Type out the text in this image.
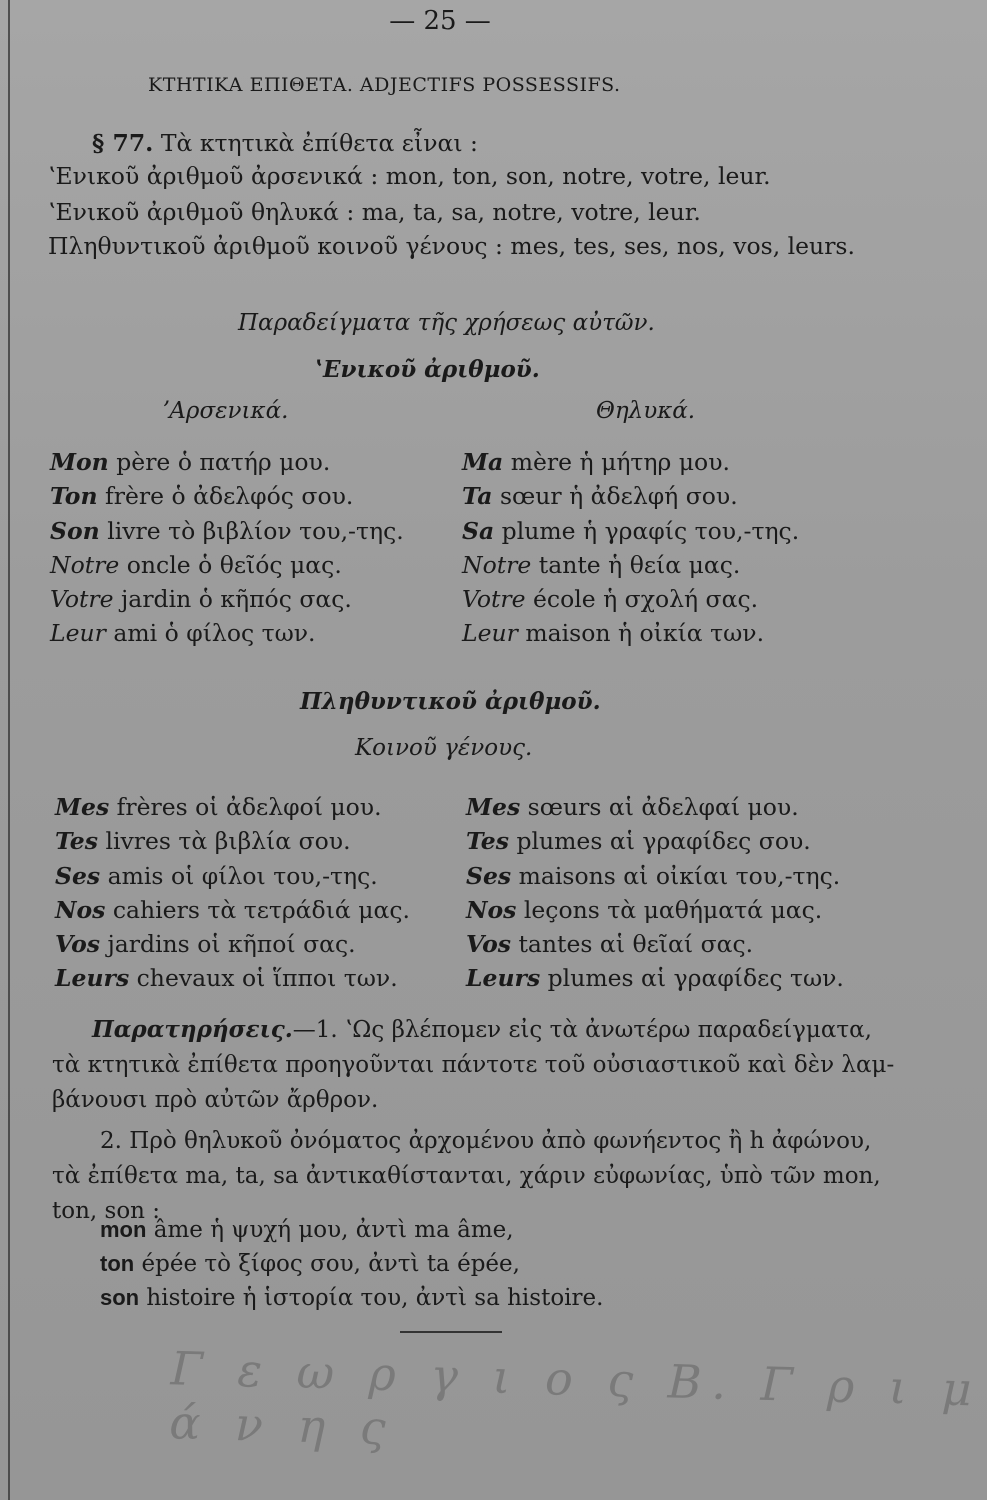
— 25 —
ΚΤΗΤΙΚΑ ΕΠΙΘΕΤΑ. ADJECTIFS POSSESSIFS.
§ 77. Τὰ κτητικὰ ἐπίθετα εἶναι :
ʽΕνικοῦ ἀριθμοῦ ἀρσενικά : mon, ton, son, notre, votre, leur.
ʽΕνικοῦ ἀριθμοῦ θηλυκά : ma, ta, sa, notre, votre, leur.
Πληθυντικοῦ ἀριθμοῦ κοινοῦ γένους : mes, tes, ses, nos, vos, leurs.
Παραδείγματα τῆς χρήσεως αὐτῶν.
ʽΕνικοῦ ἀριθμοῦ.
ʼΑρσενικά.	Θηλυκά.
Mon père ὁ πατήρ μου.
Ton frère ὁ ἀδελφός σου.
Son livre τὸ βιβλίον του,-της.
Notre oncle ὁ θεῖός μας.
Votre jardin ὁ κῆπός σας.
Leur ami ὁ φίλος των.
Ma mère ἡ μήτηρ μου.
Ta sœur ἡ ἀδελφή σου.
Sa plume ἡ γραφίς του,-της.
Notre tante ἡ θεία μας.
Votre école ἡ σχολή σας.
Leur maison ἡ οἰκία των.
Πληθυντικοῦ ἀριθμοῦ.
Κοινοῦ γένους.
Mes frères οἱ ἀδελφοί μου.
Tes livres τὰ βιβλία σου.
Ses amis οἱ φίλοι του,-της.
Nos cahiers τὰ τετράδιά μας.
Vos jardins οἱ κῆποί σας.
Leurs chevaux οἱ ἵπποι των.
Mes sœurs αἱ ἀδελφαί μου.
Tes plumes αἱ γραφίδες σου.
Ses maisons αἱ οἰκίαι του,-της.
Nos leçons τὰ μαθήματά μας.
Vos tantes αἱ θεῖαί σας.
Leurs plumes αἱ γραφίδες των.

Παρατηρήσεις.—1. ʽΩς βλέπομεν εἰς τὰ ἀνωτέρω παραδείγματα,

τὰ κτητικὰ ἐπίθετα προηγοῦνται πάντοτε τοῦ οὐσιαστικοῦ καὶ δὲν λαμ-

βάνουσι πρὸ αὐτῶν ἄρθρον.

2. Πρὸ θηλυκοῦ ὀνόματος ἀρχομένου ἀπὸ φωνήεντος ἢ h ἀφώνου,

τὰ ἐπίθετα ma, ta, sa ἀντικαθίστανται, χάριν εὐφωνίας, ὑπὸ τῶν mon,

ton, son :

mon âme ἡ ψυχή μου, ἀντὶ ma âme,
ton épée τὸ ξίφος σου, ἀντὶ ta épée,
son histoire ἡ ἱστορία του, ἀντὶ sa histoire.
Γ ε ω ρ γ ι ο ς Β. Γ ρ ι μ ά ν η ς
